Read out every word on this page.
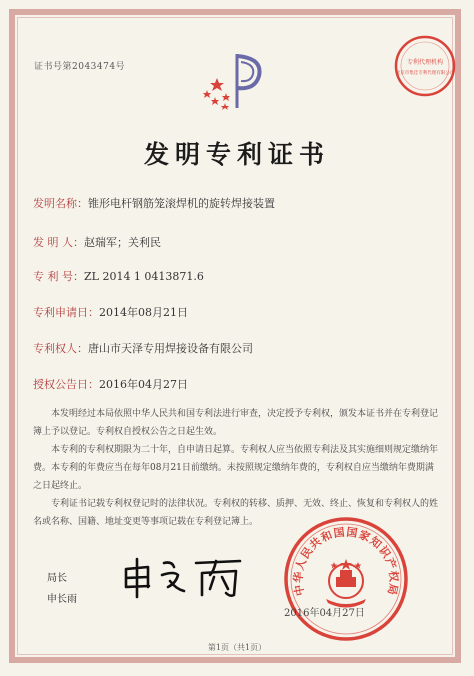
证书号第2043474号	专利代理机构
北京市集佳专利代理有限公司
发明专利证书
发明名称：锥形电杆钢筋笼滚焊机的旋转焊接装置
发 明 人：赵瑞军；关利民
专 利 号：ZL 2014 1 0413871.6
专利申请日：2014年08月21日
专利权人：唐山市天泽专用焊接设备有限公司
授权公告日：2016年04月27日

本发明经过本局依照中华人民共和国专利法进行审查，决定授予专利权，颁发本证书并在专利登记簿上予以登记。专利权自授权公告之日起生效。

本专利的专利权期限为二十年，自申请日起算。专利权人应当依照专利法及其实施细则规定缴纳年费。本专利的年费应当在每年08月21日前缴纳。未按照规定缴纳年费的，专利权自应当缴纳年费期满之日起终止。

专利证书记载专利权登记时的法律状况。专利权的转移、质押、无效、终止、恢复和专利权人的姓名或名称、国籍、地址变更等事项记载在专利登记簿上。

中华人民共和国国家知识产权局
2016年04月27日
局长
申长雨
第1页（共1页）
